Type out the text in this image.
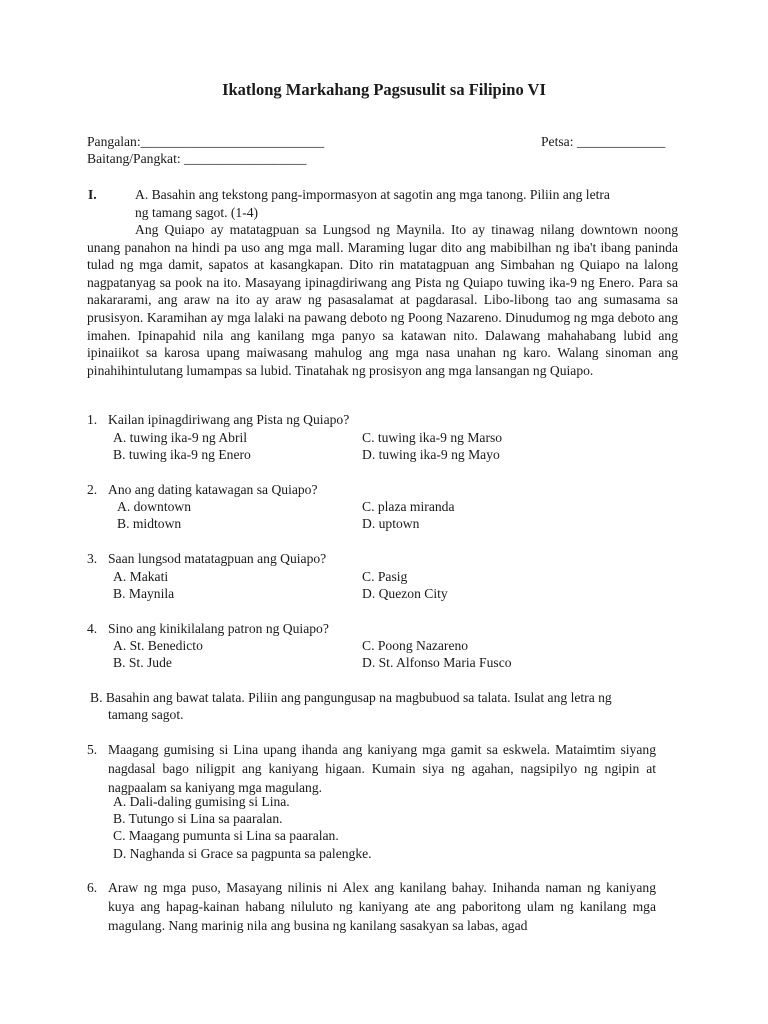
Ikatlong Markahang Pagsusulit sa Filipino VI
Pangalan:___________________________	Petsa: _____________
Baitang/Pangkat: __________________
I.	A. Basahin ang tekstong pang-impormasyon at sagotin ang mga tanong. Piliin ang letra
ng tamang sagot. (1-4)
Ang Quiapo ay matatagpuan sa Lungsod ng Maynila. Ito ay tinawag nilang downtown noong unang panahon na hindi pa uso ang mga mall. Maraming lugar dito ang mabibilhan ng iba't ibang paninda tulad ng mga damit, sapatos at kasangkapan. Dito rin matatagpuan ang Simbahan ng Quiapo na lalong nagpatanyag sa pook na ito. Masayang ipinagdiriwang ang Pista ng Quiapo tuwing ika-9 ng Enero. Para sa nakararami, ang araw na ito ay araw ng pasasalamat at pagdarasal. Libo-libong tao ang sumasama sa prusisyon. Karamihan ay mga lalaki na pawang deboto ng Poong Nazareno. Dinudumog ng mga deboto ang imahen. Ipinapahid nila ang kanilang mga panyo sa katawan nito. Dalawang mahahabang lubid ang ipinaiikot sa karosa upang maiwasang mahulog ang mga nasa unahan ng karo. Walang sinoman ang pinahihintulutang lumampas sa lubid. Tinatahak ng prosisyon ang mga lansangan ng Quiapo.
1. Kailan ipinagdiriwang ang Pista ng Quiapo?
A. tuwing ika-9 ng Abril	C. tuwing ika-9 ng Marso
B. tuwing ika-9 ng Enero	D. tuwing ika-9 ng Mayo
2. Ano ang dating katawagan sa Quiapo?
A. downtown	C. plaza miranda
B. midtown	D. uptown
3. Saan lungsod matatagpuan ang Quiapo?
A. Makati	C. Pasig
B. Maynila	D. Quezon City
4. Sino ang kinikilalang patron ng Quiapo?
A. St. Benedicto	C. Poong Nazareno
B. St. Jude	D. St. Alfonso Maria Fusco
B. Basahin ang bawat talata. Piliin ang pangungusap na magbubuod sa talata. Isulat ang letra ng
tamang sagot.
5. Maagang gumising si Lina upang ihanda ang kaniyang mga gamit sa eskwela. Mataimtim siyang nagdasal bago niligpit ang kaniyang higaan. Kumain siya ng agahan, nagsipilyo ng ngipin at nagpaalam sa kaniyang mga magulang.
A. Dali-daling gumising si Lina.
B. Tutungo si Lina sa paaralan.
C. Maagang pumunta si Lina sa paaralan.
D. Naghanda si Grace sa pagpunta sa palengke.
6. Araw ng mga puso, Masayang nilinis ni Alex ang kanilang bahay. Inihanda naman ng kaniyang kuya ang hapag-kainan habang niluluto ng kaniyang ate ang paboritong ulam ng kanilang mga magulang. Nang marinig nila ang busina ng kanilang sasakyan sa labas, agad
